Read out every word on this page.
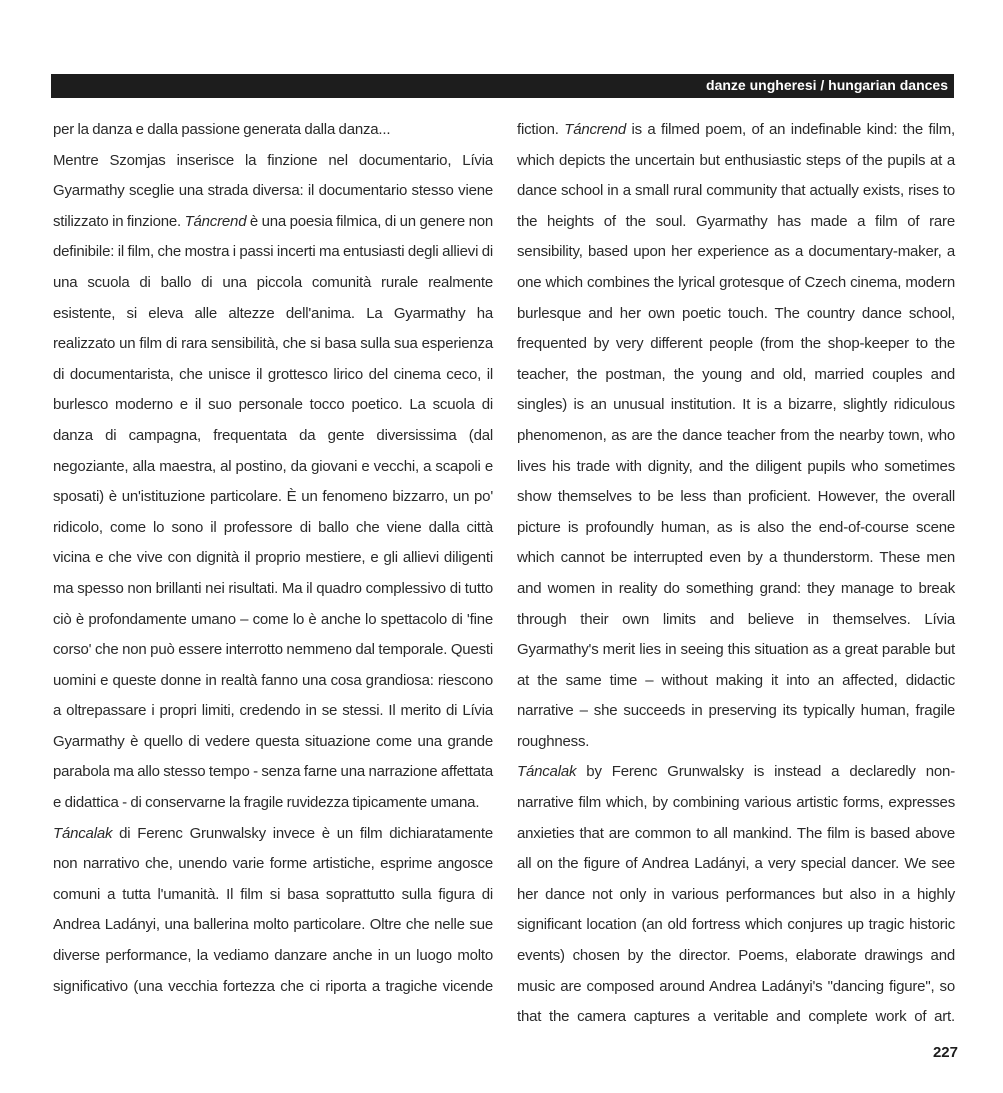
danze ungheresi / hungarian dances

per la danza e dalla passione generata dalla danza...

Mentre Szomjas inserisce la finzione nel documentario, Lívia Gyarmathy sceglie una strada diversa: il documentario stesso viene stilizzato in finzione. Táncrend è una poesia filmica, di un genere non definibile: il film, che mostra i passi incerti ma entusiasti degli allievi di una scuola di ballo di una piccola comunità rurale realmente esistente, si eleva alle altezze dell'anima. La Gyarmathy ha realizzato un film di rara sensibilità, che si basa sulla sua esperienza di documentarista, che unisce il grottesco lirico del cinema ceco, il burlesco moderno e il suo personale tocco poetico. La scuola di danza di campagna, frequentata da gente diversissima (dal negoziante, alla maestra, al postino, da giovani e vecchi, a scapoli e sposati) è un'istituzione particolare. È un fenomeno bizzarro, un po' ridicolo, come lo sono il professore di ballo che viene dalla città vicina e che vive con dignità il proprio mestiere, e gli allievi diligenti ma spesso non brillanti nei risultati. Ma il quadro complessivo di tutto ciò è profondamente umano – come lo è anche lo spettacolo di 'fine corso' che non può essere interrotto nemmeno dal temporale. Questi uomini e queste donne in realtà fanno una cosa grandiosa: riescono a oltrepassare i propri limiti, credendo in se stessi. Il merito di Lívia Gyarmathy è quello di vedere questa situazione come una grande parabola ma allo stesso tempo - senza farne una narrazione affettata e didattica - di conservarne la fragile ruvidezza tipicamente umana.

Táncalak di Ferenc Grunwalsky invece è un film dichiaratamente non narrativo che, unendo varie forme artistiche, esprime angosce comuni a tutta l'umanità. Il film si basa soprattutto sulla figura di Andrea Ladányi, una ballerina molto particolare. Oltre che nelle sue diverse performance, la vediamo danzare anche in un luogo molto significativo (una vecchia fortezza che ci riporta a tragiche vicende

fiction. Táncrend is a filmed poem, of an indefinable kind: the film, which depicts the uncertain but enthusiastic steps of the pupils at a dance school in a small rural community that actually exists, rises to the heights of the soul. Gyarmathy has made a film of rare sensibility, based upon her experience as a documentary-maker, a one which combines the lyrical grotesque of Czech cinema, modern burlesque and her own poetic touch. The country dance school, frequented by very different people (from the shop-keeper to the teacher, the postman, the young and old, married couples and singles) is an unusual institution. It is a bizarre, slightly ridiculous phenomenon, as are the dance teacher from the nearby town, who lives his trade with dignity, and the diligent pupils who sometimes show themselves to be less than proficient. However, the overall picture is profoundly human, as is also the end-of-course scene which cannot be interrupted even by a thunderstorm. These men and women in reality do something grand: they manage to break through their own limits and believe in themselves. Lívia Gyarmathy's merit lies in seeing this situation as a great parable but at the same time – without making it into an affected, didactic narrative – she succeeds in preserving its typically human, fragile roughness.

Táncalak by Ferenc Grunwalsky is instead a declaredly non-narrative film which, by combining various artistic forms, expresses anxieties that are common to all mankind. The film is based above all on the figure of Andrea Ladányi, a very special dancer. We see her dance not only in various performances but also in a highly significant location (an old fortress which conjures up tragic historic events) chosen by the director. Poems, elaborate drawings and music are composed around Andrea Ladányi's "dancing figure", so that the camera captures a veritable and complete work of art.

227
